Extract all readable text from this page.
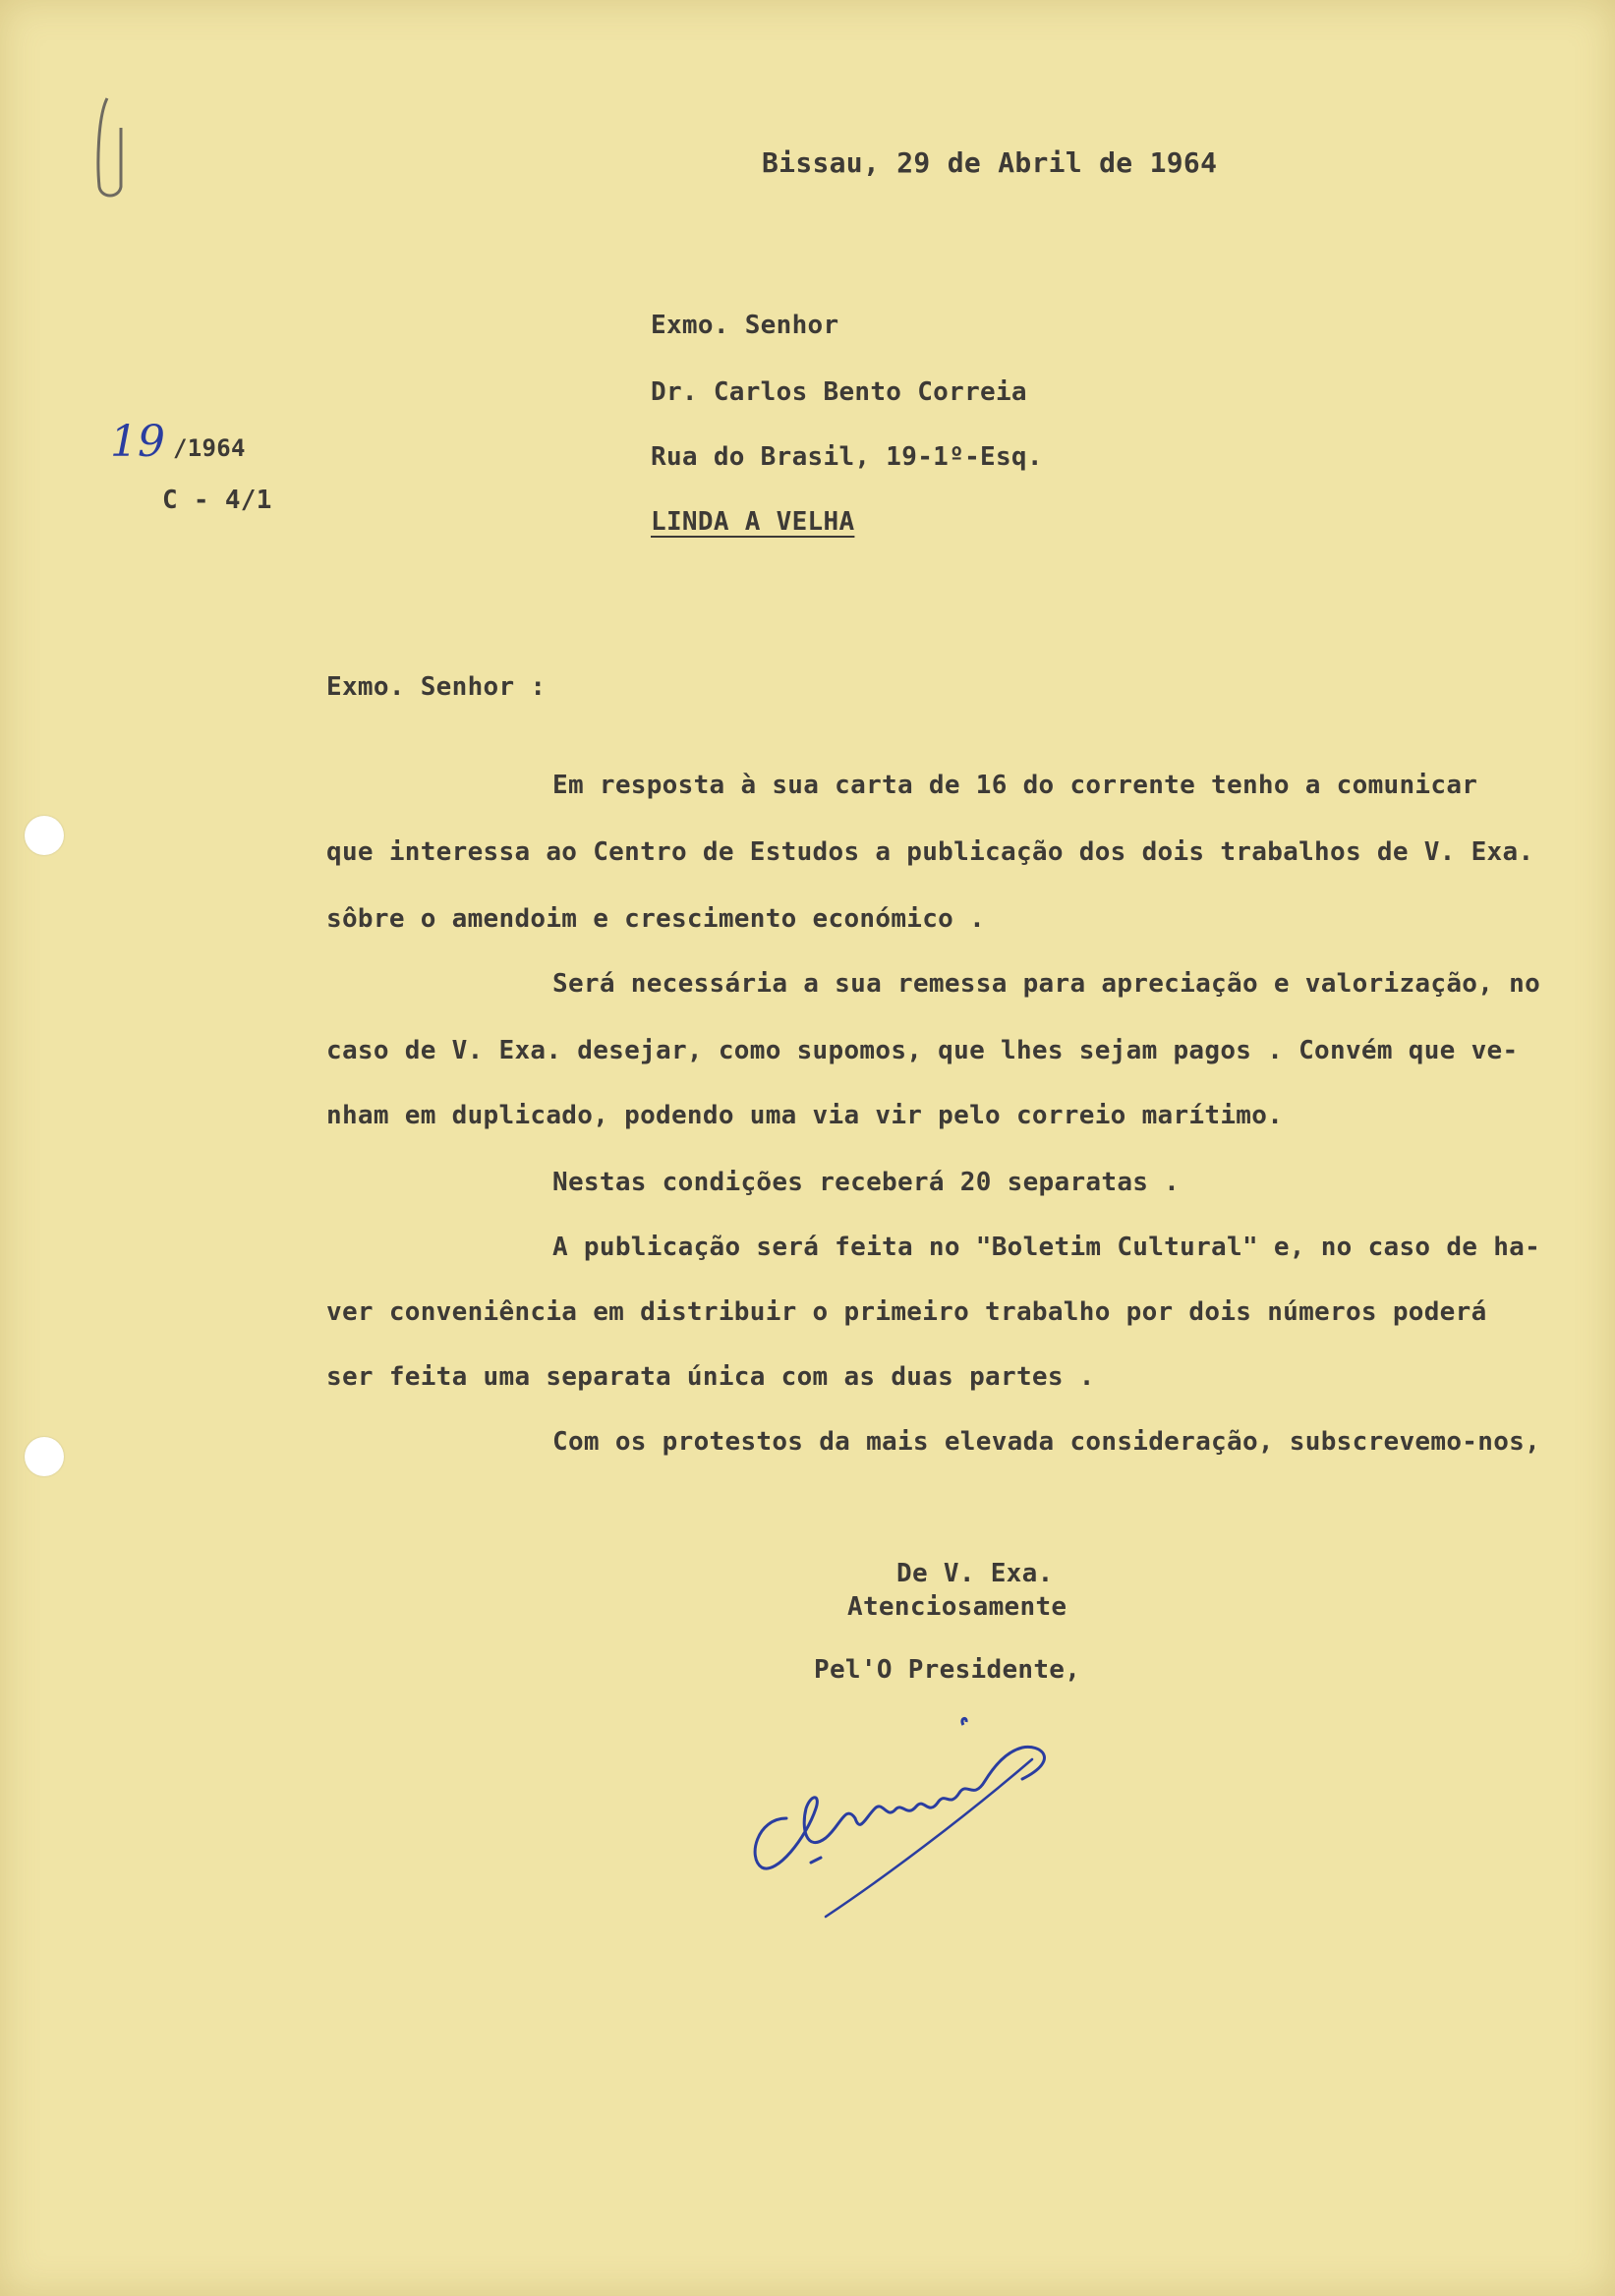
Bissau, 29 de Abril de 1964
Exmo. Senhor
Dr. Carlos Bento Correia
Rua do Brasil, 19-1º-Esq.
LINDA A VELHA
19 /1964
C - 4/1
Exmo. Senhor :
Em resposta à sua carta de 16 do corrente tenho a comunicar
que interessa ao Centro de Estudos a publicação dos dois trabalhos de V. Exa.
sôbre o amendoim e crescimento económico .
Será necessária a sua remessa para apreciação e valorização, no
caso de V. Exa. desejar, como supomos, que lhes sejam pagos . Convém que ve-
nham em duplicado, podendo uma via vir pelo correio marítimo.
Nestas condições receberá 20 separatas .
A publicação será feita no "Boletim Cultural" e, no caso de ha-
ver conveniência em distribuir o primeiro trabalho por dois números poderá
ser feita uma separata única com as duas partes .
Com os protestos da mais elevada consideração, subscrevemo-nos,
De V. Exa.
Atenciosamente
Pel'O Presidente,
